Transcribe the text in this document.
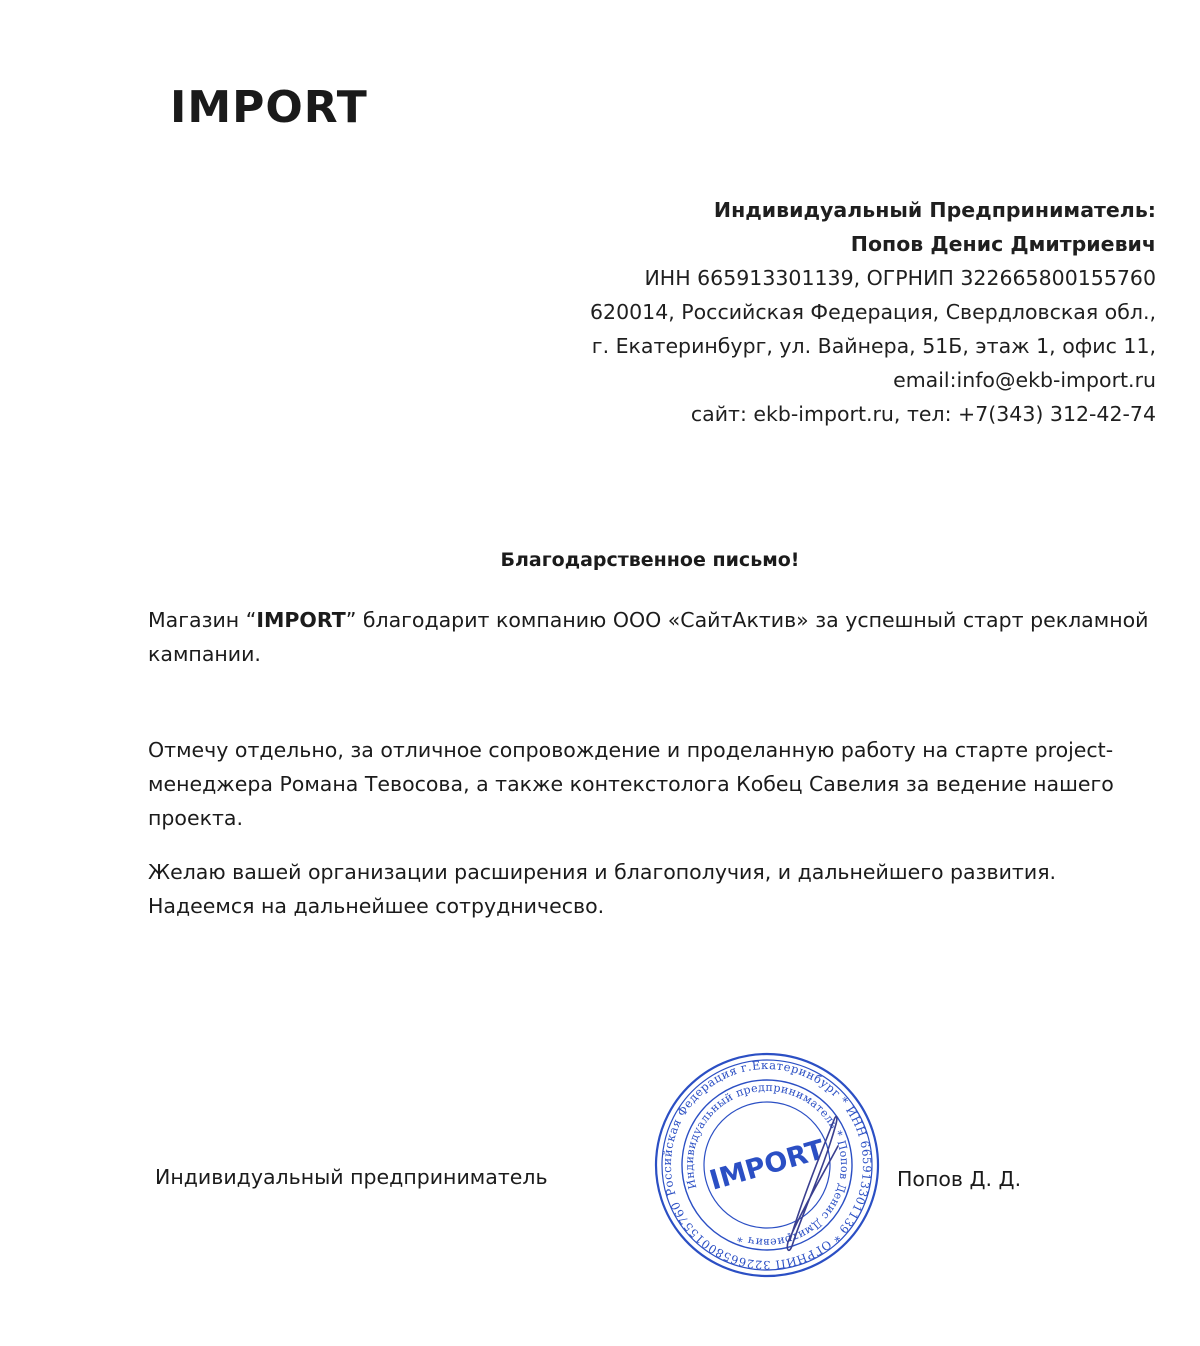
IMPORT
Индивидуальный Предприниматель:
Попов Денис Дмитриевич
ИНН 665913301139, ОГРНИП 322665800155760
620014, Российская Федерация, Свердловская обл.,
г. Екатеринбург, ул. Вайнера, 51Б, этаж 1, офис 11,
email:info@ekb-import.ru
сайт: ekb-import.ru, тел: +7(343) 312-42-74
Благодарственное письмо!
Магазин “IMPORT” благодарит компанию ООО «СайтАктив» за успешный старт рекламной кампании.
Отмечу отдельно, за отличное сопровождение и проделанную работу на старте project-менеджера Романа Тевосова, а также контекстолога Кобец Савелия за ведение нашего проекта.
Желаю вашей организации расширения и благополучия, и дальнейшего развития.
Надеемся на дальнейшее сотрудничесво.
Индивидуальный предприниматель
Российская Федерация г.Екатеринбург * ИНН 665913301139 * ОГРНИП 322665800155760
Индивидуальный предприниматель * Попов Денис Дмитриевич *
IMPORT	Попов Д. Д.
